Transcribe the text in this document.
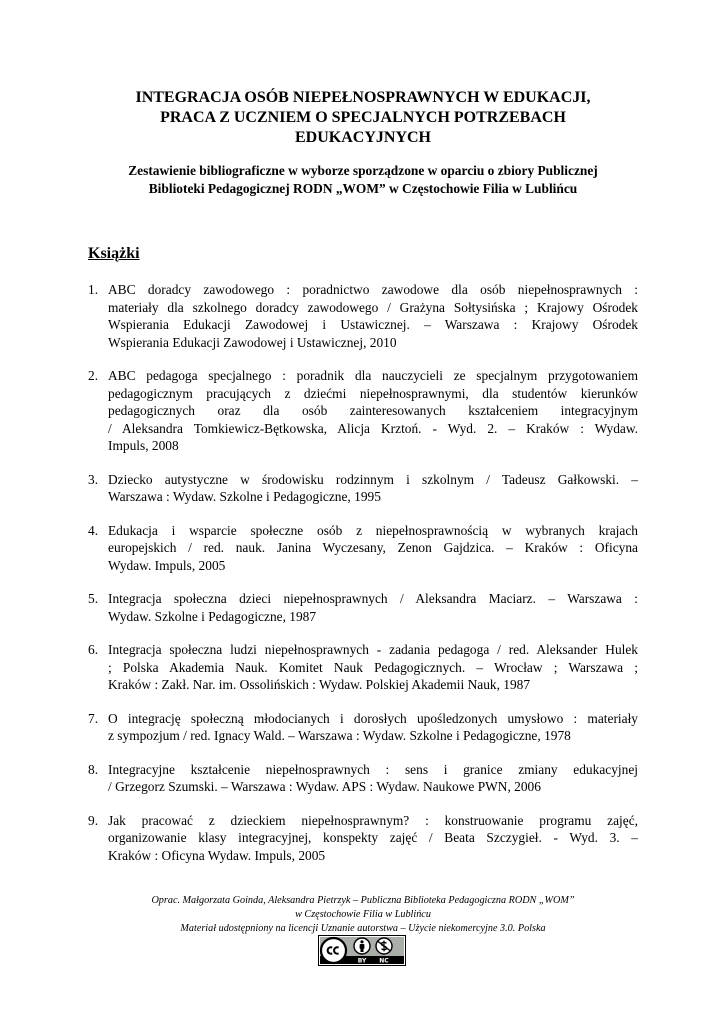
INTEGRACJA OSÓB NIEPEŁNOSPRAWNYCH W EDUKACJI,
PRACA Z UCZNIEM O SPECJALNYCH POTRZEBACH
EDUKACYJNYCH
Zestawienie bibliograficzne w wyborze sporządzone w oparciu o zbiory Publicznej
Biblioteki Pedagogicznej RODN „WOM” w Częstochowie Filia w Lublińcu
Książki
1. ABC doradcy zawodowego : poradnictwo zawodowe dla osób niepełnosprawnych :
materiały dla szkolnego doradcy zawodowego / Grażyna Sołtysińska ; Krajowy Ośrodek
Wspierania Edukacji Zawodowej i Ustawicznej. – Warszawa : Krajowy Ośrodek
Wspierania Edukacji Zawodowej i Ustawicznej, 2010
2. ABC pedagoga specjalnego : poradnik dla nauczycieli ze specjalnym przygotowaniem
pedagogicznym pracujących z dziećmi niepełnosprawnymi, dla studentów kierunków
pedagogicznych oraz dla osób zainteresowanych kształceniem integracyjnym
/ Aleksandra Tomkiewicz-Bętkowska, Alicja Krztoń. - Wyd. 2. – Kraków : Wydaw.
Impuls, 2008
3. Dziecko autystyczne w środowisku rodzinnym i szkolnym / Tadeusz Gałkowski. –
Warszawa : Wydaw. Szkolne i Pedagogiczne, 1995
4. Edukacja i wsparcie społeczne osób z niepełnosprawnością w wybranych krajach
europejskich / red. nauk. Janina Wyczesany, Zenon Gajdzica. – Kraków : Oficyna
Wydaw. Impuls, 2005
5. Integracja społeczna dzieci niepełnosprawnych / Aleksandra Maciarz. – Warszawa :
Wydaw. Szkolne i Pedagogiczne, 1987
6. Integracja społeczna ludzi niepełnosprawnych - zadania pedagoga / red. Aleksander Hulek
; Polska Akademia Nauk. Komitet Nauk Pedagogicznych. – Wrocław ; Warszawa ;
Kraków : Zakł. Nar. im. Ossolińskich : Wydaw. Polskiej Akademii Nauk, 1987
7. O integrację społeczną młodocianych i dorosłych upośledzonych umysłowo : materiały
z sympozjum / red. Ignacy Wald. – Warszawa : Wydaw. Szkolne i Pedagogiczne, 1978
8. Integracyjne kształcenie niepełnosprawnych : sens i granice zmiany edukacyjnej
/ Grzegorz Szumski. – Warszawa : Wydaw. APS : Wydaw. Naukowe PWN, 2006
9. Jak pracować z dzieckiem niepełnosprawnym? : konstruowanie programu zajęć,
organizowanie klasy integracyjnej, konspekty zajęć / Beata Szczygieł. - Wyd. 3. –
Kraków : Oficyna Wydaw. Impuls, 2005
Oprac. Małgorzata Goinda, Aleksandra Pietrzyk – Publiczna Biblioteka Pedagogiczna RODN „WOM”
w Częstochowie Filia w Lublińcu
Materiał udostępniony na licencji Uznanie autorstwa – Użycie niekomercyjne 3.0. Polska
BY NC
